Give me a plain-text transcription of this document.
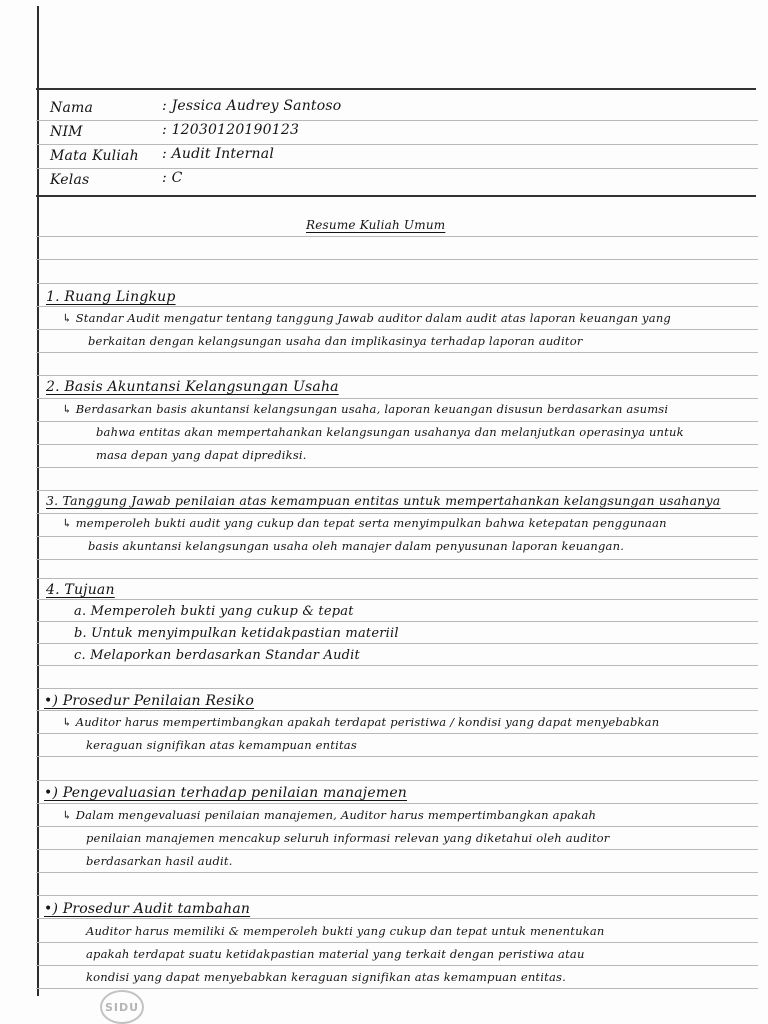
Nama	: Jessica Audrey Santoso
NIM	: 12030120190123
Mata Kuliah : Audit Internal
Kelas	: C
Resume Kuliah Umum
1. Ruang Lingkup
↳ Standar Audit mengatur tentang tanggung Jawab auditor dalam audit atas laporan keuangan yang
berkaitan dengan kelangsungan usaha dan implikasinya terhadap laporan auditor
2. Basis Akuntansi Kelangsungan Usaha
↳ Berdasarkan basis akuntansi kelangsungan usaha, laporan keuangan disusun berdasarkan asumsi
bahwa entitas akan mempertahankan kelangsungan usahanya dan melanjutkan operasinya untuk
masa depan yang dapat diprediksi.
3. Tanggung Jawab penilaian atas kemampuan entitas untuk mempertahankan kelangsungan usahanya
↳ memperoleh bukti audit yang cukup dan tepat serta menyimpulkan bahwa ketepatan penggunaan
basis akuntansi kelangsungan usaha oleh manajer dalam penyusunan laporan keuangan.
4. Tujuan
a. Memperoleh bukti yang cukup & tepat
b. Untuk menyimpulkan ketidakpastian materiil
c. Melaporkan berdasarkan Standar Audit
•) Prosedur Penilaian Resiko
↳ Auditor harus mempertimbangkan apakah terdapat peristiwa / kondisi yang dapat menyebabkan
keraguan signifikan atas kemampuan entitas
•) Pengevaluasian terhadap penilaian manajemen
↳ Dalam mengevaluasi penilaian manajemen, Auditor harus mempertimbangkan apakah
penilaian manajemen mencakup seluruh informasi relevan yang diketahui oleh auditor
berdasarkan hasil audit.
•) Prosedur Audit tambahan
Auditor harus memiliki & memperoleh bukti yang cukup dan tepat untuk menentukan
apakah terdapat suatu ketidakpastian material yang terkait dengan peristiwa atau
kondisi yang dapat menyebabkan keraguan signifikan atas kemampuan entitas.
SIDU
